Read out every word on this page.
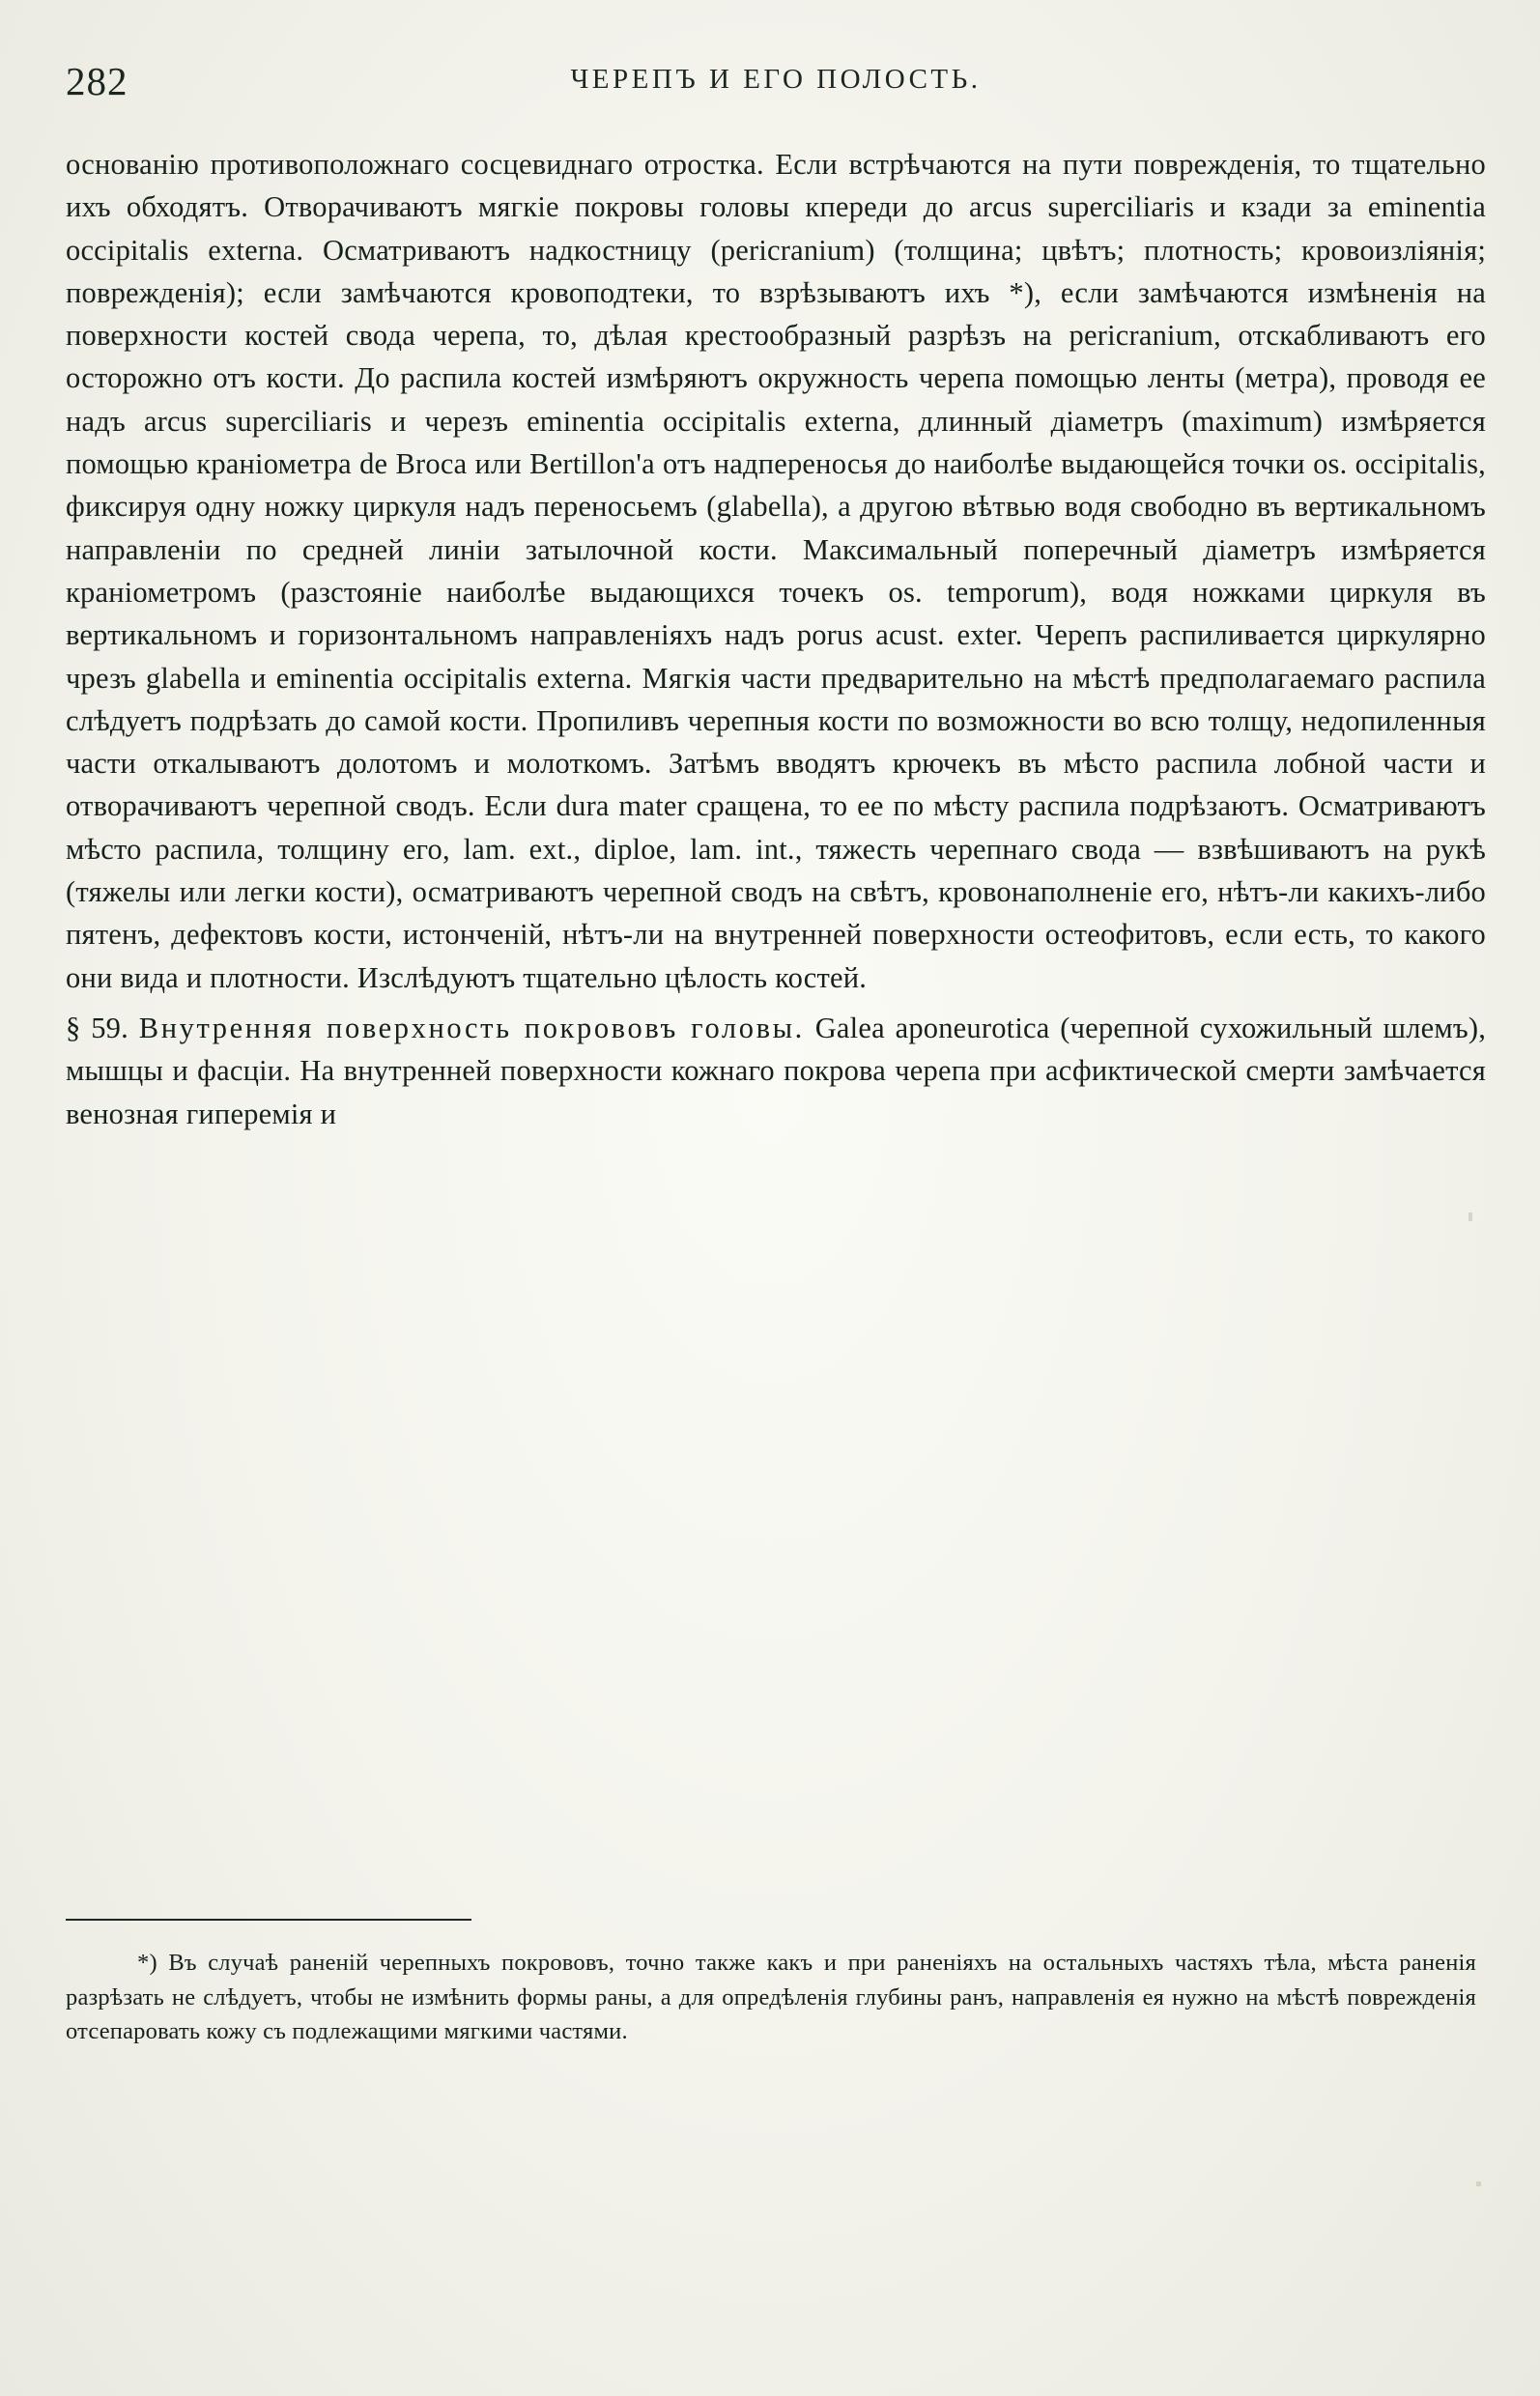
282	ЧЕРЕПЪ И ЕГО ПОЛОСТЬ.

основанію противоположнаго сосцевиднаго отростка. Если встрѣчаются на пути поврежденія, то тщательно ихъ обходятъ. Отворачиваютъ мягкіе покровы головы кпереди до arcus superciliaris и кзади за eminentia occipitalis externa. Осматриваютъ надкостницу (pericranium) (толщина; цвѣтъ; плотность; кровоизліянія; поврежденія); если замѣчаются кровоподтеки, то взрѣзываютъ ихъ *), если замѣчаются измѣненія на поверхности костей свода черепа, то, дѣлая крестообразный разрѣзъ на pericranium, отскабливаютъ его осторожно отъ кости. До распила костей измѣряютъ окружность черепа помощью ленты (метра), проводя ее надъ arcus superciliaris и черезъ eminentia occipitalis externa, длинный діаметръ (maximum) измѣряется помощью краніометра de Broca или Bertillon'а отъ надпереносья до наиболѣе выдающейся точки os. occipitalis, фиксируя одну ножку циркуля надъ переносьемъ (glabella), а другою вѣтвью водя свободно въ вертикальномъ направленіи по средней линіи затылочной кости. Максимальный поперечный діаметръ измѣряется краніометромъ (разстояніе наиболѣе выдающихся точекъ os. temporum), водя ножками циркуля въ вертикальномъ и горизонтальномъ направленіяхъ надъ porus acust. exter. Черепъ распиливается циркулярно чрезъ glabella и eminentia occipitalis externa. Мягкія части предварительно на мѣстѣ предполагаемаго распила слѣдуетъ подрѣзать до самой кости. Пропиливъ черепныя кости по возможности во всю толщу, недопиленныя части откалываютъ долотомъ и молоткомъ. Затѣмъ вводятъ крючекъ въ мѣсто распила лобной части и отворачиваютъ черепной сводъ. Если dura mater сращена, то ее по мѣсту распила подрѣзаютъ. Осматриваютъ мѣсто распила, толщину его, lam. ext., diploe, lam. int., тяжесть черепнаго свода — взвѣшиваютъ на рукѣ (тяжелы или легки кости), осматриваютъ черепной сводъ на свѣтъ, кровонаполненіе его, нѣтъ-ли какихъ-либо пятенъ, дефектовъ кости, истонченій, нѣтъ-ли на внутренней поверхности остеофитовъ, если есть, то какого они вида и плотности. Изслѣдуютъ тщательно цѣлость костей.

§ 59. Внутренняя поверхность покрововъ головы. Galea aponeurotica (черепной сухожильный шлемъ), мышцы и фасціи. На внутренней поверхности кожнаго покрова черепа при асфиктической смерти замѣчается венозная гиперемія и

*) Въ случаѣ раненій черепныхъ покрововъ, точно также какъ и при раненіяхъ на остальныхъ частяхъ тѣла, мѣста раненія разрѣзать не слѣдуетъ, чтобы не измѣнить формы раны, а для опредѣленія глубины ранъ, направленія ея нужно на мѣстѣ поврежденія отсепаровать кожу съ подлежащими мягкими частями.
